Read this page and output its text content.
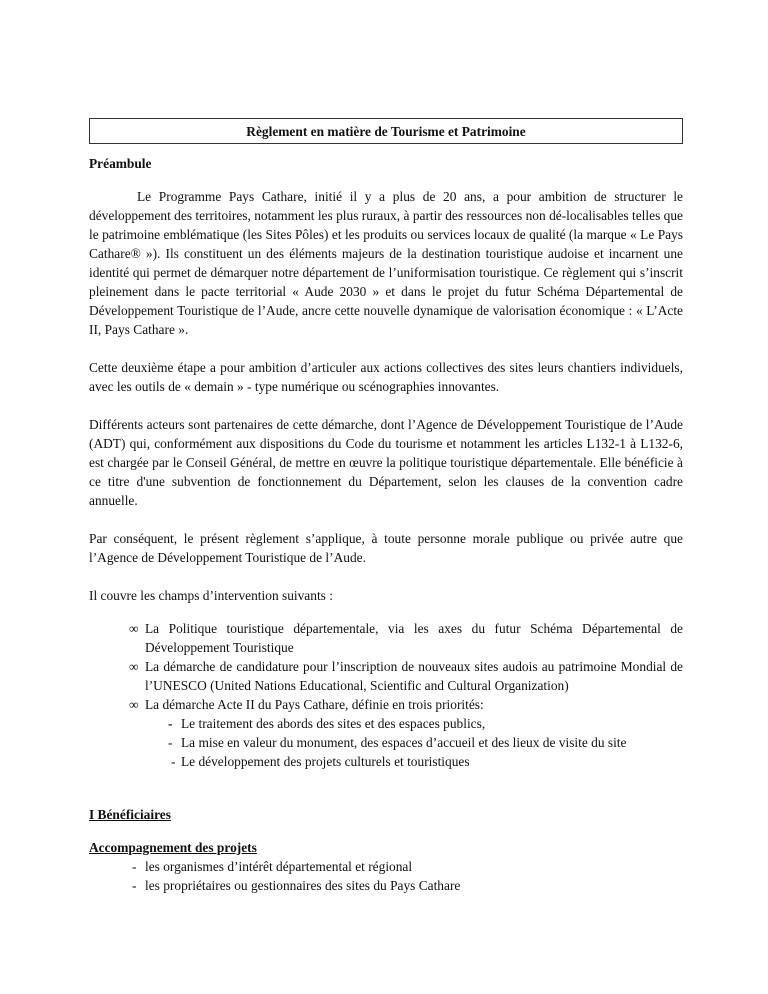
Règlement en matière de Tourisme et Patrimoine
Préambule

Le Programme Pays Cathare, initié il y a plus de 20 ans, a pour ambition de structurer le développement des territoires, notamment les plus ruraux, à partir des ressources non dé-localisables telles que le patrimoine emblématique (les Sites Pôles) et les produits ou services locaux de qualité (la marque « Le Pays Cathare® »). Ils constituent un des éléments majeurs de la destination touristique audoise et incarnent une identité qui permet de démarquer notre département de l’uniformisation touristique. Ce règlement qui s’inscrit pleinement dans le pacte territorial « Aude 2030 » et dans le projet du futur Schéma Départemental de Développement Touristique de l’Aude, ancre cette nouvelle dynamique de valorisation économique : « L’Acte II, Pays Cathare ».

Cette deuxième étape a pour ambition d’articuler aux actions collectives des sites leurs chantiers individuels, avec les outils de « demain » - type numérique ou scénographies innovantes.

Différents acteurs sont partenaires de cette démarche, dont l’Agence de Développement Touristique de l’Aude (ADT) qui, conformément aux dispositions du Code du tourisme et notamment les articles L132-1 à L132-6, est chargée par le Conseil Général, de mettre en œuvre la politique touristique départementale. Elle bénéficie à ce titre d'une subvention de fonctionnement du Département, selon les clauses de la convention cadre annuelle.

Par conséquent, le présent règlement s’applique, à toute personne morale publique ou privée autre que l’Agence de Développement Touristique de l’Aude.

Il couvre les champs d’intervention suivants :

∞ La Politique touristique départementale, via les axes du futur Schéma Départemental de Développement Touristique
∞ La démarche de candidature pour l’inscription de nouveaux sites audois au patrimoine Mondial de l’UNESCO (United Nations Educational, Scientific and Cultural Organization)
∞ La démarche Acte II du Pays Cathare, définie en trois priorités:
- Le traitement des abords des sites et des espaces publics,
- La mise en valeur du monument, des espaces d’accueil et des lieux de visite du site
- Le développement des projets culturels et touristiques
I Bénéficiaires
Accompagnement des projets
- les organismes d’intérêt départemental et régional
- les propriétaires ou gestionnaires des sites du Pays Cathare
